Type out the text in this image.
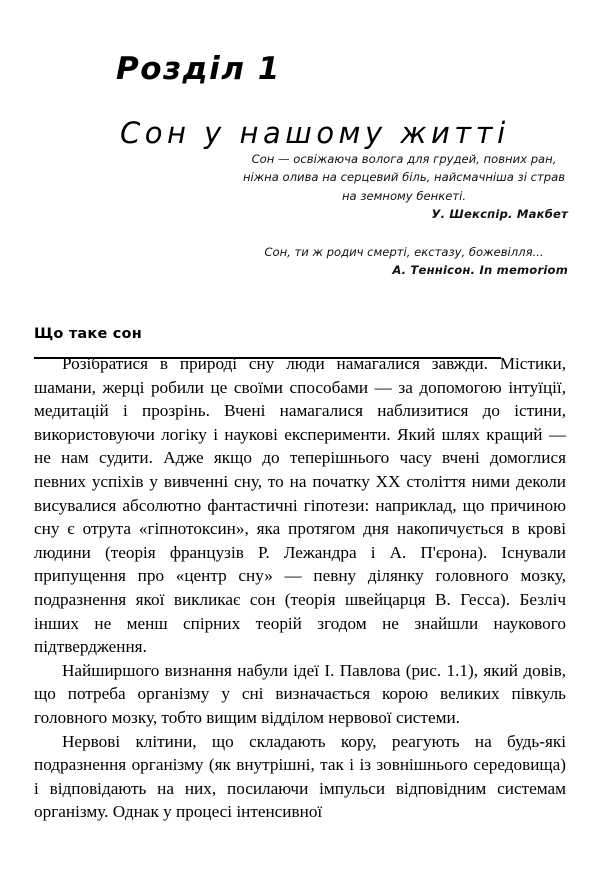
Розділ 1
Сон у нашому житті
Сон — освіжаюча волога для грудей, повних ран, ніжна олива на серцевий біль, найсмачніша зі страв на земному бенкеті.
У. Шекспір. Макбет
Сон, ти ж родич смерті, екстазу, божевілля...
А. Теннісон. In memoriom
Що таке сон

Розібратися в природі сну люди намагалися завжди. Містики, шамани, жерці робили це своїми способами — за допомогою інтуїції, медитацій і прозрінь. Вчені намагалися наблизитися до істини, використовуючи логіку і наукові експерименти. Який шлях кращий — не нам судити. Адже якщо до теперішнього часу вчені домоглися певних успіхів у вивченні сну, то на початку XX століття ними деколи висувалися абсолютно фантастичні гіпотези: наприклад, що причиною сну є отрута «гіпнотоксин», яка протягом дня накопичується в крові людини (теорія французів Р. Лежандра і А. П'єрона). Існували припущення про «центр сну» — певну ділянку головного мозку, подразнення якої викликає сон (теорія швейцарця В. Гесса). Безліч інших не менш спірних теорій згодом не знайшли наукового підтвердження.

Найширшого визнання набули ідеї І. Павлова (рис. 1.1), який довів, що потреба організму у сні визначається корою великих півкуль головного мозку, тобто вищим відділом нервової системи.

Нервові клітини, що складають кору, реагують на будь-які подразнення організму (як внутрішні, так і із зовнішнього середовища) і відповідають на них, посилаючи імпульси відповідним системам організму. Однак у процесі інтенсивної
